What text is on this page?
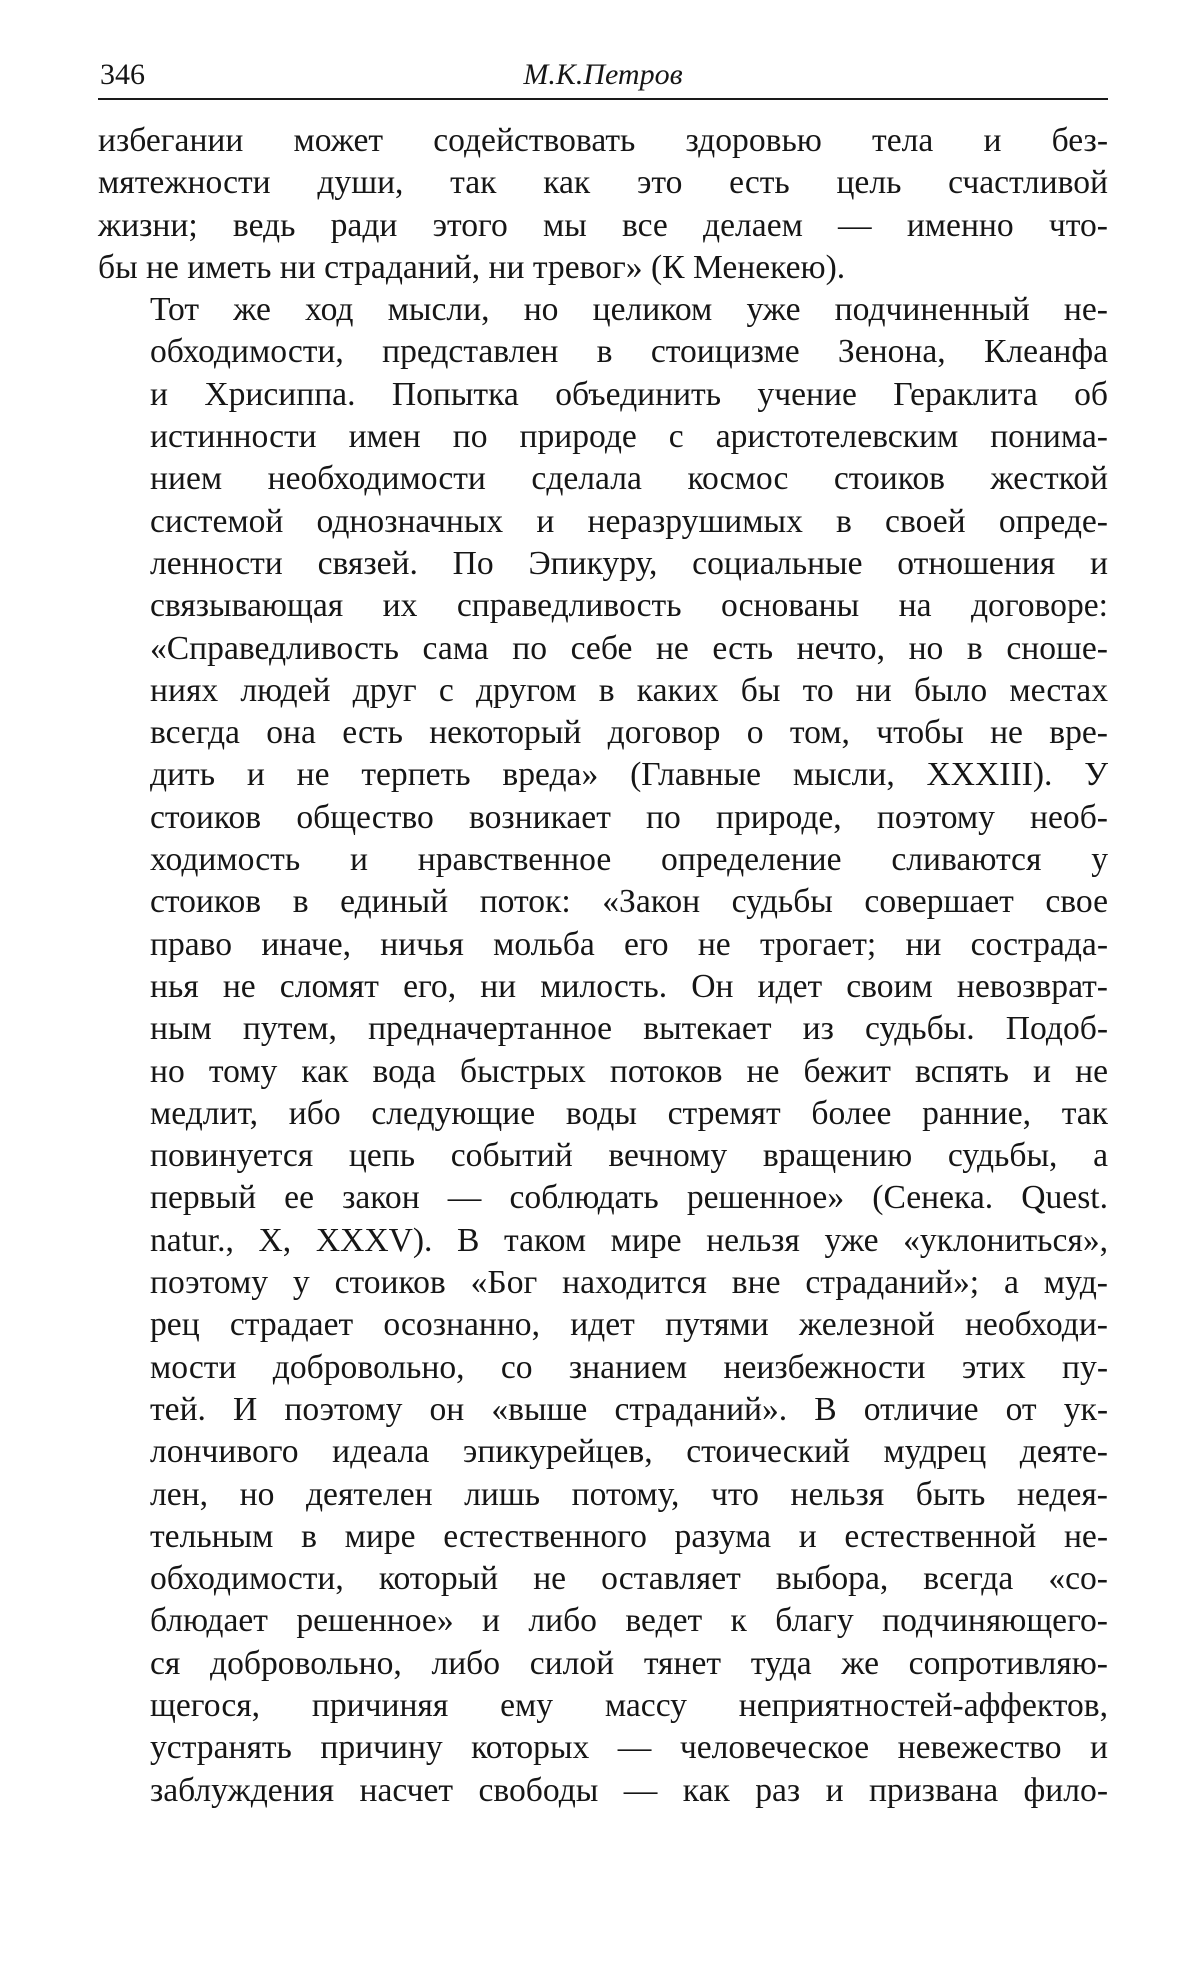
346	М.К.Петров

избегании может содействовать здоровью тела и без-
мятежности души, так как это есть цель счастливой
жизни; ведь ради этого мы все делаем — именно что-
бы не иметь ни страданий, ни тревог» (К Менекею).

Тот же ход мысли, но целиком уже подчиненный не-
обходимости, представлен в стоицизме Зенона, Клеанфа
и Хрисиппа. Попытка объединить учение Гераклита об
истинности имен по природе с аристотелевским понима-
нием необходимости сделала космос стоиков жесткой
системой однозначных и неразрушимых в своей опреде-
ленности связей. По Эпикуру, социальные отношения и
связывающая их справедливость основаны на договоре:
«Справедливость сама по себе не есть нечто, но в сноше-
ниях людей друг с другом в каких бы то ни было местах
всегда она есть некоторый договор о том, чтобы не вре-
дить и не терпеть вреда» (Главные мысли, XXXIII). У
стоиков общество возникает по природе, поэтому необ-
ходимость и нравственное определение сливаются у
стоиков в единый поток: «Закон судьбы совершает свое
право иначе, ничья мольба его не трогает; ни сострада-
нья не сломят его, ни милость. Он идет своим невозврат-
ным путем, предначертанное вытекает из судьбы. Подоб-
но тому как вода быстрых потоков не бежит вспять и не
медлит, ибо следующие воды стремят более ранние, так
повинуется цепь событий вечному вращению судьбы, а
первый ее закон — соблюдать решенное» (Сенека. Quest.
natur., X, XXXV). В таком мире нельзя уже «уклониться»,
поэтому у стоиков «Бог находится вне страданий»; а муд-
рец страдает осознанно, идет путями железной необходи-
мости добровольно, со знанием неизбежности этих пу-
тей. И поэтому он «выше страданий». В отличие от ук-
лончивого идеала эпикурейцев, стоический мудрец деяте-
лен, но деятелен лишь потому, что нельзя быть недея-
тельным в мире естественного разума и естественной не-
обходимости, который не оставляет выбора, всегда «со-
блюдает решенное» и либо ведет к благу подчиняющего-
ся добровольно, либо силой тянет туда же сопротивляю-
щегося, причиняя ему массу неприятностей-аффектов,
устранять причину которых — человеческое невежество и
заблуждения насчет свободы — как раз и призвана фило-
